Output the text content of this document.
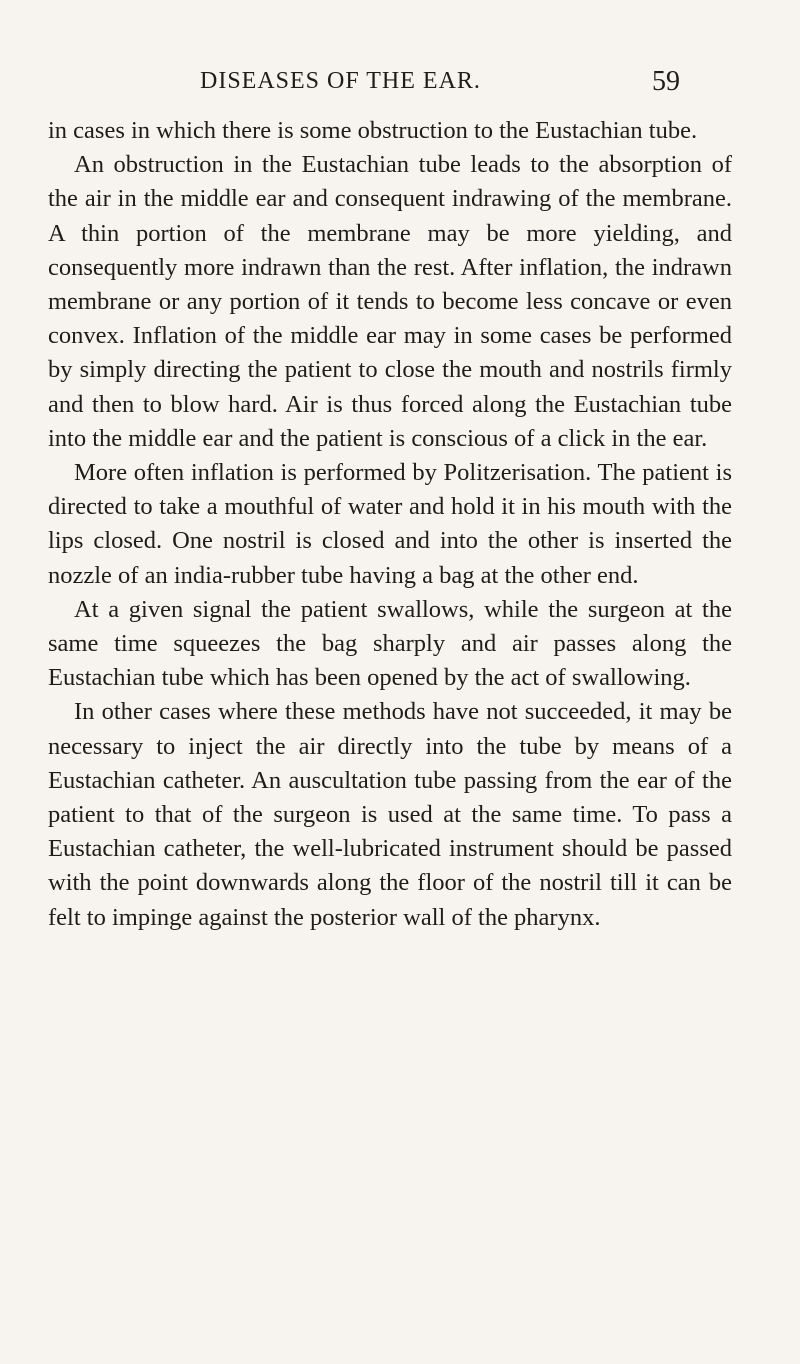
DISEASES OF THE EAR.	59

in cases in which there is some obstruction to the Eustachian tube.

An obstruction in the Eustachian tube leads to the absorption of the air in the middle ear and consequent indrawing of the membrane. A thin portion of the membrane may be more yielding, and consequently more indrawn than the rest. After inflation, the indrawn membrane or any portion of it tends to become less concave or even convex. Inflation of the middle ear may in some cases be performed by simply directing the patient to close the mouth and nostrils firmly and then to blow hard. Air is thus forced along the Eustachian tube into the middle ear and the patient is conscious of a click in the ear.

More often inflation is performed by Politzerisation. The patient is directed to take a mouthful of water and hold it in his mouth with the lips closed. One nostril is closed and into the other is inserted the nozzle of an india-rubber tube having a bag at the other end.

At a given signal the patient swallows, while the surgeon at the same time squeezes the bag sharply and air passes along the Eustachian tube which has been opened by the act of swallowing.

In other cases where these methods have not succeeded, it may be necessary to inject the air directly into the tube by means of a Eustachian catheter. An auscultation tube passing from the ear of the patient to that of the surgeon is used at the same time. To pass a Eustachian catheter, the well-lubricated instrument should be passed with the point downwards along the floor of the nostril till it can be felt to impinge against the posterior wall of the pharynx.
